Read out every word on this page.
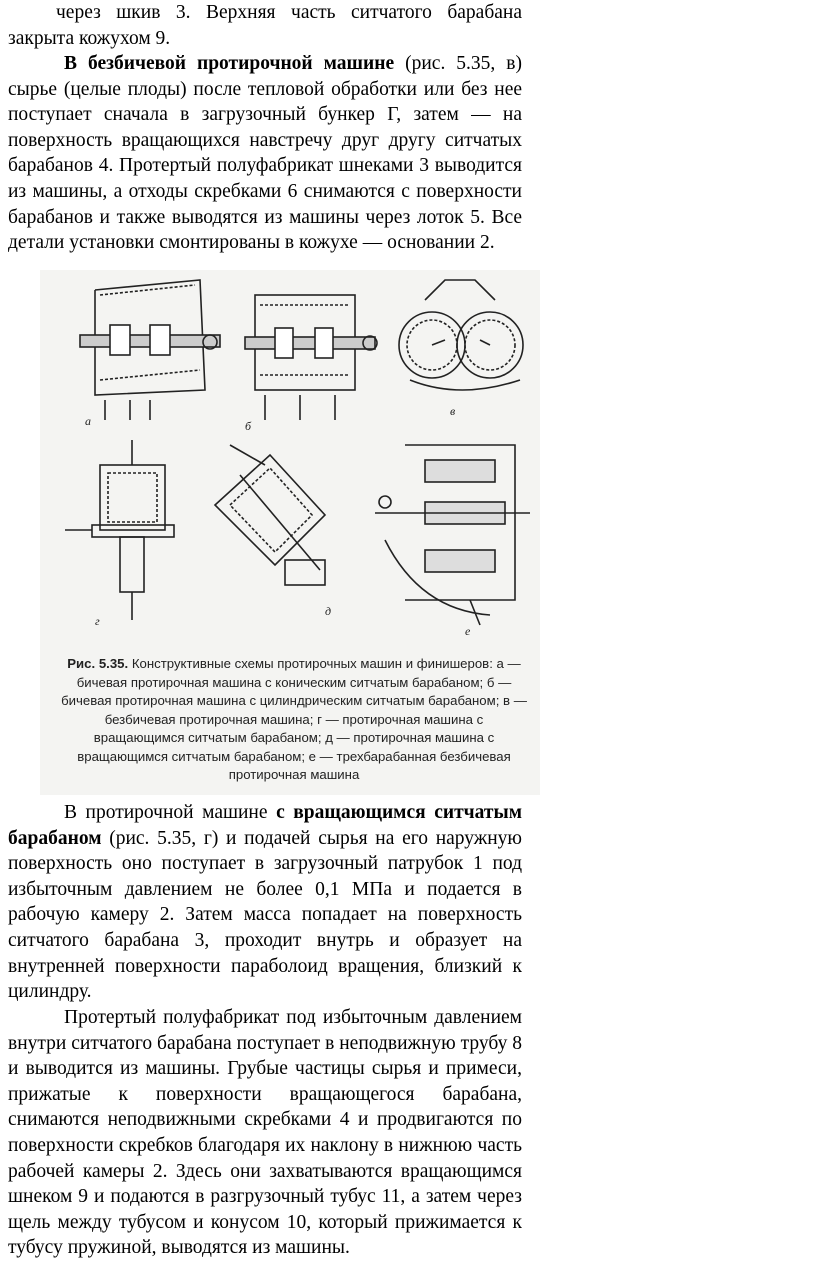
через шкив 3. Верхняя часть ситчатого барабана закрыта кожухом 9.

В безбичевой протирочной машине (рис. 5.35, в) сырье (целые плоды) после тепловой обработки или без нее поступает сначала в загрузочный бункер Г, затем — на поверхность вращающихся навстречу друг другу ситчатых барабанов 4. Протертый полуфабрикат шнеками 3 выводится из машины, а отходы скребками 6 снимаются с поверхности барабанов и также выводятся из машины через лоток 5. Все детали установки смонтированы в кожухе — основании 2.

а	б
в
г
д
е
Рис. 5.35. Конструктивные схемы протирочных машин и финишеров: а — бичевая протирочная машина с коническим ситчатым барабаном; б — бичевая протирочная машина с цилиндрическим ситчатым барабаном; в — безбичевая протирочная машина; г — протирочная машина с вращающимся ситчатым барабаном; д — протирочная машина с вращающимся ситчатым барабаном; е — трехбарабанная безбичевая протирочная машина

В протирочной машине с вращающимся ситчатым барабаном (рис. 5.35, г) и подачей сырья на его наружную поверхность оно поступает в загрузочный патрубок 1 под избыточным давлением не более 0,1 МПа и подается в рабочую камеру 2. Затем масса попадает на поверхность ситчатого барабана 3, проходит внутрь и образует на внутренней поверхности параболоид вращения, близкий к цилиндру.

Протертый полуфабрикат под избыточным давлением внутри ситчатого барабана поступает в неподвижную трубу 8 и выводится из машины. Грубые частицы сырья и примеси, прижатые к поверхности вращающегося барабана, снимаются неподвижными скребками 4 и продвигаются по поверхности скребков благодаря их наклону в нижнюю часть рабочей камеры 2. Здесь они захватываются вращающимся шнеком 9 и подаются в разгрузочный тубус 11, а затем через щель между тубусом и конусом 10, который прижимается к тубусу пружиной, выводятся из машины.
